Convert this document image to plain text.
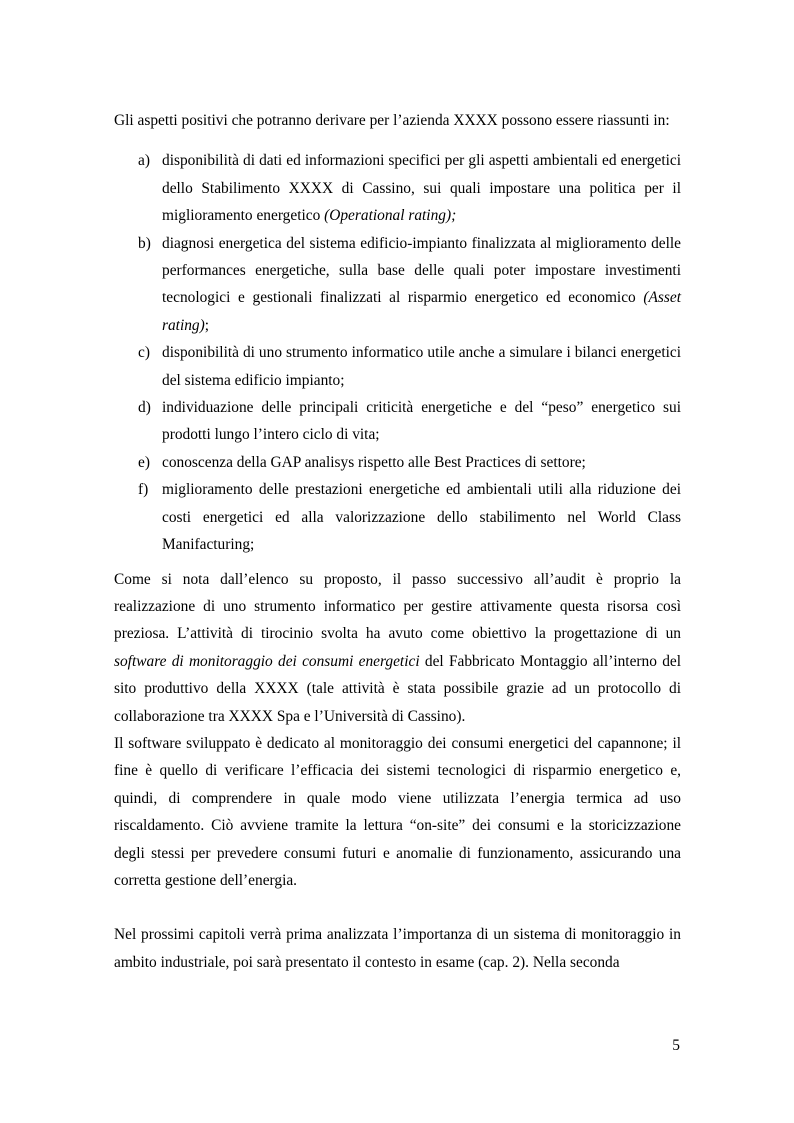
Gli aspetti positivi che potranno derivare per l’azienda XXXX possono essere riassunti in:

a) disponibilità di dati ed informazioni specifici per gli aspetti ambientali ed energetici dello Stabilimento XXXX di Cassino, sui quali impostare una politica per il miglioramento energetico (Operational rating);
b) diagnosi energetica del sistema edificio-impianto finalizzata al miglioramento delle performances energetiche, sulla base delle quali poter impostare investimenti tecnologici e gestionali finalizzati al risparmio energetico ed economico (Asset rating);
c) disponibilità di uno strumento informatico utile anche a simulare i bilanci energetici del sistema edificio impianto;
d) individuazione delle principali criticità energetiche e del “peso” energetico sui prodotti lungo l’intero ciclo di vita;
e) conoscenza della GAP analisys rispetto alle Best Practices di settore;
f) miglioramento delle prestazioni energetiche ed ambientali utili alla riduzione dei costi energetici ed alla valorizzazione dello stabilimento nel World Class Manifacturing;

Come si nota dall’elenco su proposto, il passo successivo all’audit è proprio la realizzazione di uno strumento informatico per gestire attivamente questa risorsa così preziosa. L’attività di tirocinio svolta ha avuto come obiettivo la progettazione di un software di monitoraggio dei consumi energetici del Fabbricato Montaggio all’interno del sito produttivo della XXXX (tale attività è stata possibile grazie ad un protocollo di collaborazione tra XXXX Spa e l’Università di Cassino).

Il software sviluppato è dedicato al monitoraggio dei consumi energetici del capannone; il fine è quello di verificare l’efficacia dei sistemi tecnologici di risparmio energetico e, quindi, di comprendere in quale modo viene utilizzata l’energia termica ad uso riscaldamento. Ciò avviene tramite la lettura “on-site” dei consumi e la storicizzazione degli stessi per prevedere consumi futuri e anomalie di funzionamento, assicurando una corretta gestione dell’energia.

Nel prossimi capitoli verrà prima analizzata l’importanza di un sistema di monitoraggio in ambito industriale, poi sarà presentato il contesto in esame (cap. 2). Nella seconda

5
